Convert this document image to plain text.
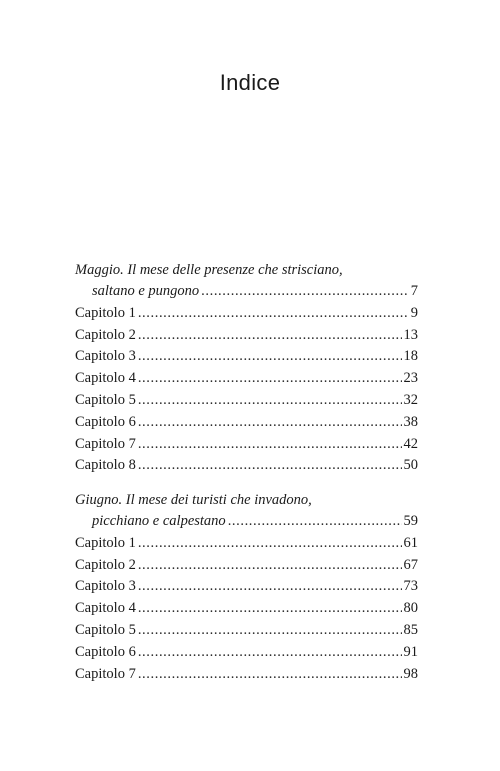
Indice
Maggio. Il mese delle presenze che strisciano,
saltano e pungono .....	7
Capitolo 1 .....	9
Capitolo 2 .....	13
Capitolo 3 .....	18
Capitolo 4 .....	23
Capitolo 5 .....	32
Capitolo 6 .....	38
Capitolo 7 .....	42
Capitolo 8 .....	50
Giugno. Il mese dei turisti che invadono,
picchiano e calpestano .....	59
Capitolo 1 .....	61
Capitolo 2 .....	67
Capitolo 3 .....	73
Capitolo 4 .....	80
Capitolo 5 .....	85
Capitolo 6 .....	91
Capitolo 7 .....	98
